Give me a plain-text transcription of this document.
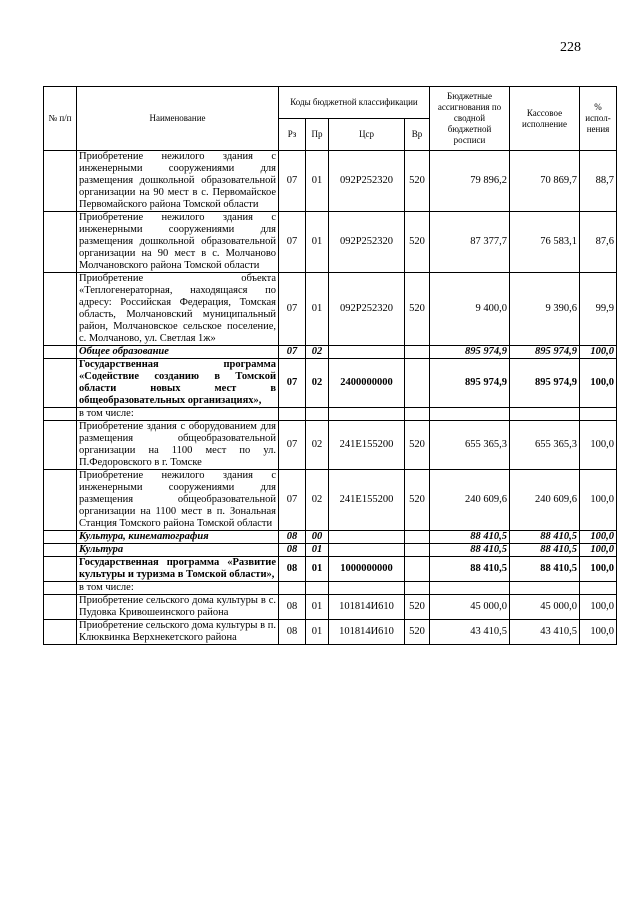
228
№ п/п	Наименование	Коды бюджетной классификации				Бюджетные ассигнования по сводной бюджетной росписи	Кассовое исполнение	% испол- нения
		Рз	Пр	Цср	Вр			
	Приобретение нежилого здания с инженерными сооружениями для размещения дошкольной образовательной организации на 90 мест в с. Первомайское Первомайского района Томской области	07	01	092P252320	520	79 896,2	70 869,7	88,7
	Приобретение нежилого здания с инженерными сооружениями для размещения дошкольной образовательной организации на 90 мест в с. Молчаново Молчановского района Томской области	07	01	092P252320	520	87 377,7	76 583,1	87,6
	Приобретение объекта «Теплогенераторная, находящаяся по адресу: Российская Федерация, Томская область, Молчановский муниципальный район, Молчановское сельское поселение, с. Молчаново, ул. Светлая 1ж»	07	01	092P252320	520	9 400,0	9 390,6	99,9
	Общее образование	07	02			895 974,9	895 974,9	100,0
	Государственная программа «Содействие созданию в Томской области новых мест в общеобразовательных организациях»,	07	02	2400000000		895 974,9	895 974,9	100,0
	в том числе:							
	Приобретение здания с оборудованием для размещения общеобразовательной организации на 1100 мест по ул. П.Федоровского в г. Томске	07	02	241E155200	520	655 365,3	655 365,3	100,0
	Приобретение нежилого здания с инженерными сооружениями для размещения общеобразовательной организации на 1100 мест в п. Зональная Станция Томского района Томской области	07	02	241E155200	520	240 609,6	240 609,6	100,0
	Культура, кинематография	08	00			88 410,5	88 410,5	100,0
	Культура	08	01			88 410,5	88 410,5	100,0
	Государственная программа «Развитие культуры и туризма в Томской области»,	08	01	1000000000		88 410,5	88 410,5	100,0
	в том числе:							
	Приобретение сельского дома культуры в с. Пудовка Кривошеинского района	08	01	101814И610	520	45 000,0	45 000,0	100,0
	Приобретение сельского дома культуры в п. Клюквинка Верхнекетского района	08	01	101814И610	520	43 410,5	43 410,5	100,0
